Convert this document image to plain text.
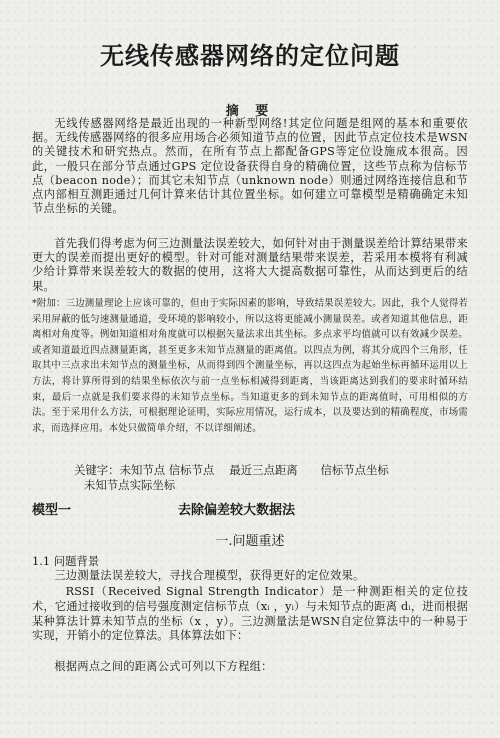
无线传感器网络的定位问题
摘 要
无线传感器网络是最近出现的一种新型网络!其定位问题是组网的基本和重要依据。无线传感器网络的很多应用场合必须知道节点的位置，因此节点定位技术是WSN的关键技术和研究热点。然而，在所有节点上都配备GPS等定位设施成本很高。因此，一般只在部分节点通过GPS 定位设备获得自身的精确位置，这些节点称为信标节点（beacon node）；而其它未知节点（unknown node）则通过网络连接信息和节点内部相互测距通过几何计算来估计其位置坐标。如何建立可靠模型是精确确定未知节点坐标的关键。
首先我们得考虑为何三边测量法误差较大，如何针对由于测量误差给计算结果带来更大的误差而提出更好的模型。针对可能对测量结果带来误差，若采用本模将有利减少给计算带来误差较大的数据的使用，这将大大提高数据可靠性，从而达到更后的结果。
*附加：三边测量理论上应该可靠的，但由于实际因素的影响，导致结果误差较大。因此，我个人觉得若采用屏蔽的低匀速测量通道，受环境的影响较小，所以这将更能减小测量误差。或者知道其他信息，距离相对角度等。例如知道相对角度就可以根据矢量法求出其坐标。多点求平均值就可以有效减少误差。或者知道最近四点测量距离，甚至更多未知节点测量的距离值。以四点为例，将其分成四个三角形，任取其中三点求出未知节点的测量坐标，从而得到四个测量坐标，再以这四点为起始坐标再循环运用以上方法，将计算所得到的结果坐标依次与前一点坐标相减得到距离，当该距离达到我们的要求时循环结束，最后一点就是我们要求得的未知节点坐标。当知道更多的到未知节点的距离值时，可用相似的方法。至于采用什么方法，可根据理论证明，实际应用情况，运行成本，以及要达到的精确程度，市场需求，而选择应用。本处只做简单介绍，不以详细阐述。
关键字：未知节点 信标节点　 最近三点距离　　信标节点坐标
未知节点实际坐标
模型一	去除偏差较大数据法
一.问题重述
1.1 问题背景
三边测量法误差较大，寻找合理模型，获得更好的定位效果。
RSSI（Received Signal Strength Indicator）是一种测距相关的定位技术，它通过接收到的信号强度测定信标节点（xᵢ ，yᵢ）与未知节点的距离 dᵢ，进而根据某种算法计算未知节点的坐标（x ，y）。三边测量法是WSN自定位算法中的一种易于实现，开销小的定位算法。具体算法如下：
根据两点之间的距离公式可列以下方程组：
